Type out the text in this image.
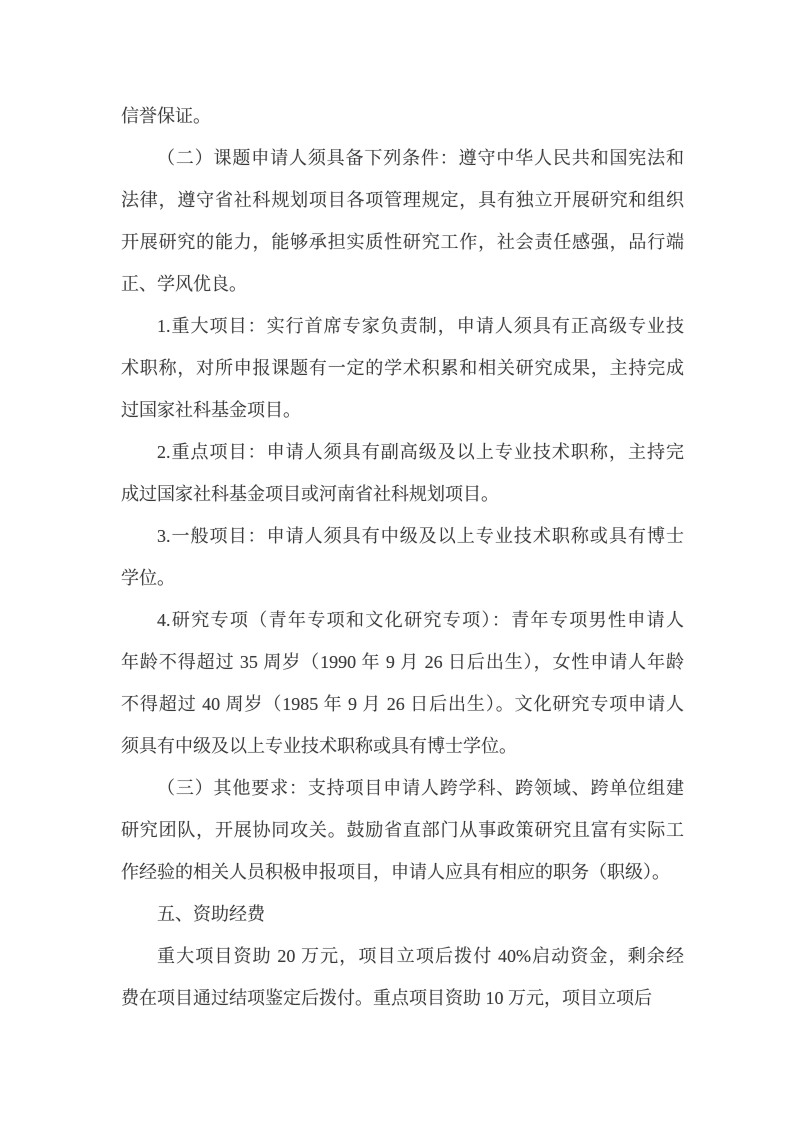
信誉保证。
（二）课题申请人须具备下列条件：遵守中华人民共和国宪法和
法律，遵守省社科规划项目各项管理规定，具有独立开展研究和组织
开展研究的能力，能够承担实质性研究工作，社会责任感强，品行端
正、学风优良。
1.重大项目：实行首席专家负责制，申请人须具有正高级专业技
术职称，对所申报课题有一定的学术积累和相关研究成果，主持完成
过国家社科基金项目。
2.重点项目：申请人须具有副高级及以上专业技术职称，主持完
成过国家社科基金项目或河南省社科规划项目。
3.一般项目：申请人须具有中级及以上专业技术职称或具有博士
学位。
4.研究专项（青年专项和文化研究专项）：青年专项男性申请人
年龄不得超过 35 周岁（1990 年 9 月 26 日后出生），女性申请人年龄
不得超过 40 周岁（1985 年 9 月 26 日后出生）。文化研究专项申请人
须具有中级及以上专业技术职称或具有博士学位。
（三）其他要求：支持项目申请人跨学科、跨领域、跨单位组建
研究团队，开展协同攻关。鼓励省直部门从事政策研究且富有实际工
作经验的相关人员积极申报项目，申请人应具有相应的职务（职级）。
五、资助经费
重大项目资助 20 万元，项目立项后拨付 40%启动资金，剩余经
费在项目通过结项鉴定后拨付。重点项目资助 10 万元，项目立项后
